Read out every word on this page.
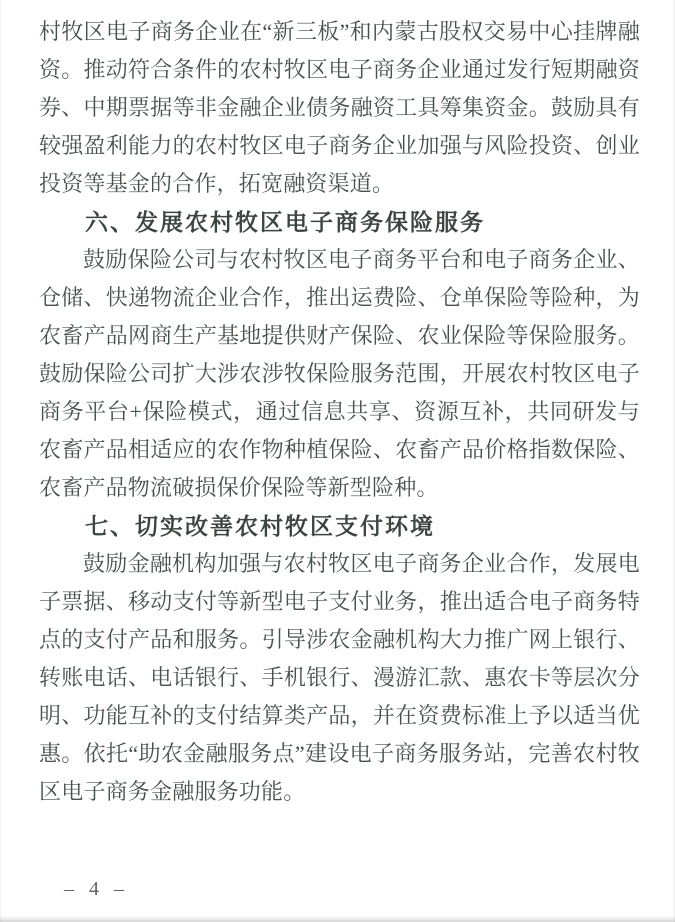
村牧区电子商务企业在“新三板”和内蒙古股权交易中心挂牌融资。推动符合条件的农村牧区电子商务企业通过发行短期融资券、中期票据等非金融企业债务融资工具筹集资金。鼓励具有较强盈利能力的农村牧区电子商务企业加强与风险投资、创业投资等基金的合作，拓宽融资渠道。

六、发展农村牧区电子商务保险服务

鼓励保险公司与农村牧区电子商务平台和电子商务企业、仓储、快递物流企业合作，推出运费险、仓单保险等险种，为农畜产品网商生产基地提供财产保险、农业保险等保险服务。鼓励保险公司扩大涉农涉牧保险服务范围，开展农村牧区电子商务平台+保险模式，通过信息共享、资源互补，共同研发与农畜产品相适应的农作物种植保险、农畜产品价格指数保险、农畜产品物流破损保价保险等新型险种。

七、切实改善农村牧区支付环境

鼓励金融机构加强与农村牧区电子商务企业合作，发展电子票据、移动支付等新型电子支付业务，推出适合电子商务特点的支付产品和服务。引导涉农金融机构大力推广网上银行、转账电话、电话银行、手机银行、漫游汇款、惠农卡等层次分明、功能互补的支付结算类产品，并在资费标准上予以适当优惠。依托“助农金融服务点”建设电子商务服务站，完善农村牧区电子商务金融服务功能。

– 4 –
